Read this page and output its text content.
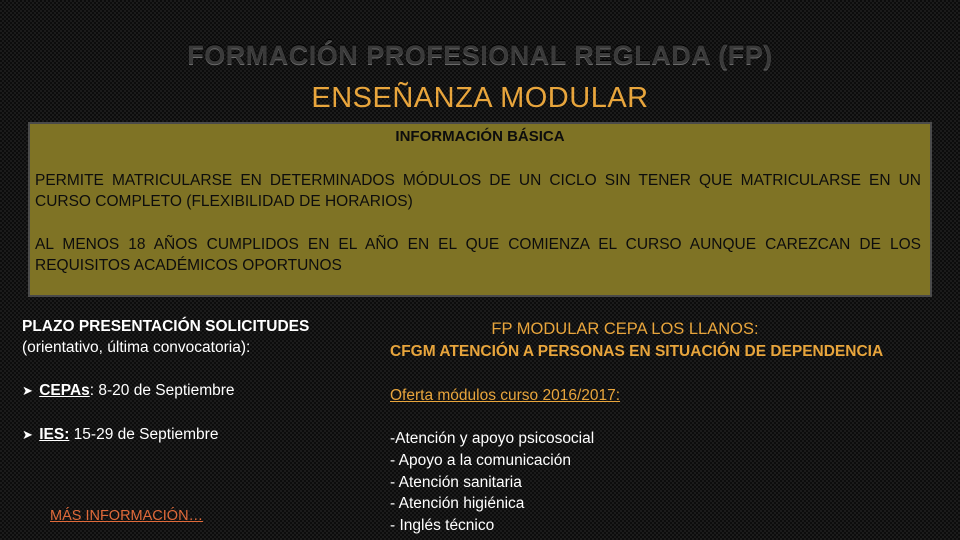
FORMACIÓN PROFESIONAL REGLADA (FP)
ENSEÑANZA MODULAR
INFORMACIÓN BÁSICA
PERMITE MATRICULARSE EN DETERMINADOS MÓDULOS DE UN CICLO SIN TENER QUE MATRICULARSE EN UN CURSO COMPLETO (FLEXIBILIDAD DE HORARIOS)
AL MENOS 18 AÑOS CUMPLIDOS EN EL AÑO EN EL QUE COMIENZA EL CURSO AUNQUE CAREZCAN DE LOS REQUISITOS ACADÉMICOS OPORTUNOS
PLAZO PRESENTACIÓN SOLICITUDES
(orientativo, última convocatoria):
➤ CEPAs: 8-20 de Septiembre
➤ IES: 15-29 de Septiembre
MÁS INFORMACIÓN…
FP MODULAR CEPA LOS LLANOS:
CFGM ATENCIÓN A PERSONAS EN SITUACIÓN DE DEPENDENCIA
Oferta módulos curso 2016/2017:
-Atención y apoyo psicosocial
- Apoyo a la comunicación
- Atención sanitaria
- Atención higiénica
- Inglés técnico
